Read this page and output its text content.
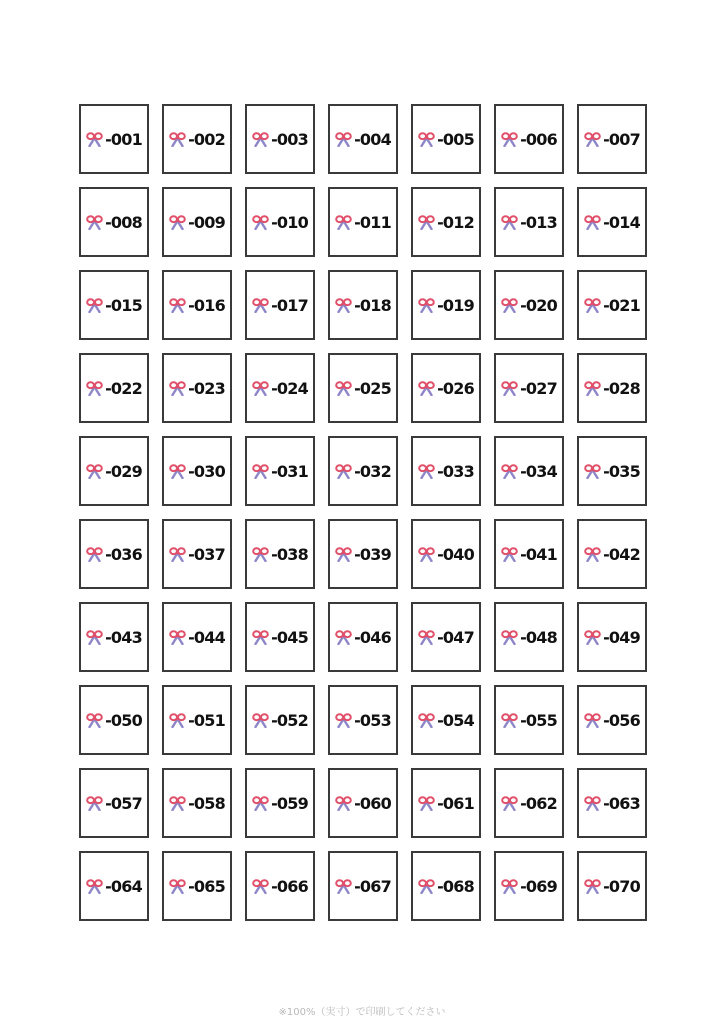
-001	-002	-003	-004	-005	-006	-007
-008	-009	-010	-011	-012	-013	-014
-015	-016	-017	-018	-019	-020	-021
-022	-023	-024	-025	-026	-027	-028
-029	-030	-031	-032	-033	-034	-035
-036	-037	-038	-039	-040	-041	-042
-043	-044	-045	-046	-047	-048	-049
-050	-051	-052	-053	-054	-055	-056
-057	-058	-059	-060	-061	-062	-063
-064	-065	-066	-067	-068	-069	-070
※100%（実寸）で印刷してください
